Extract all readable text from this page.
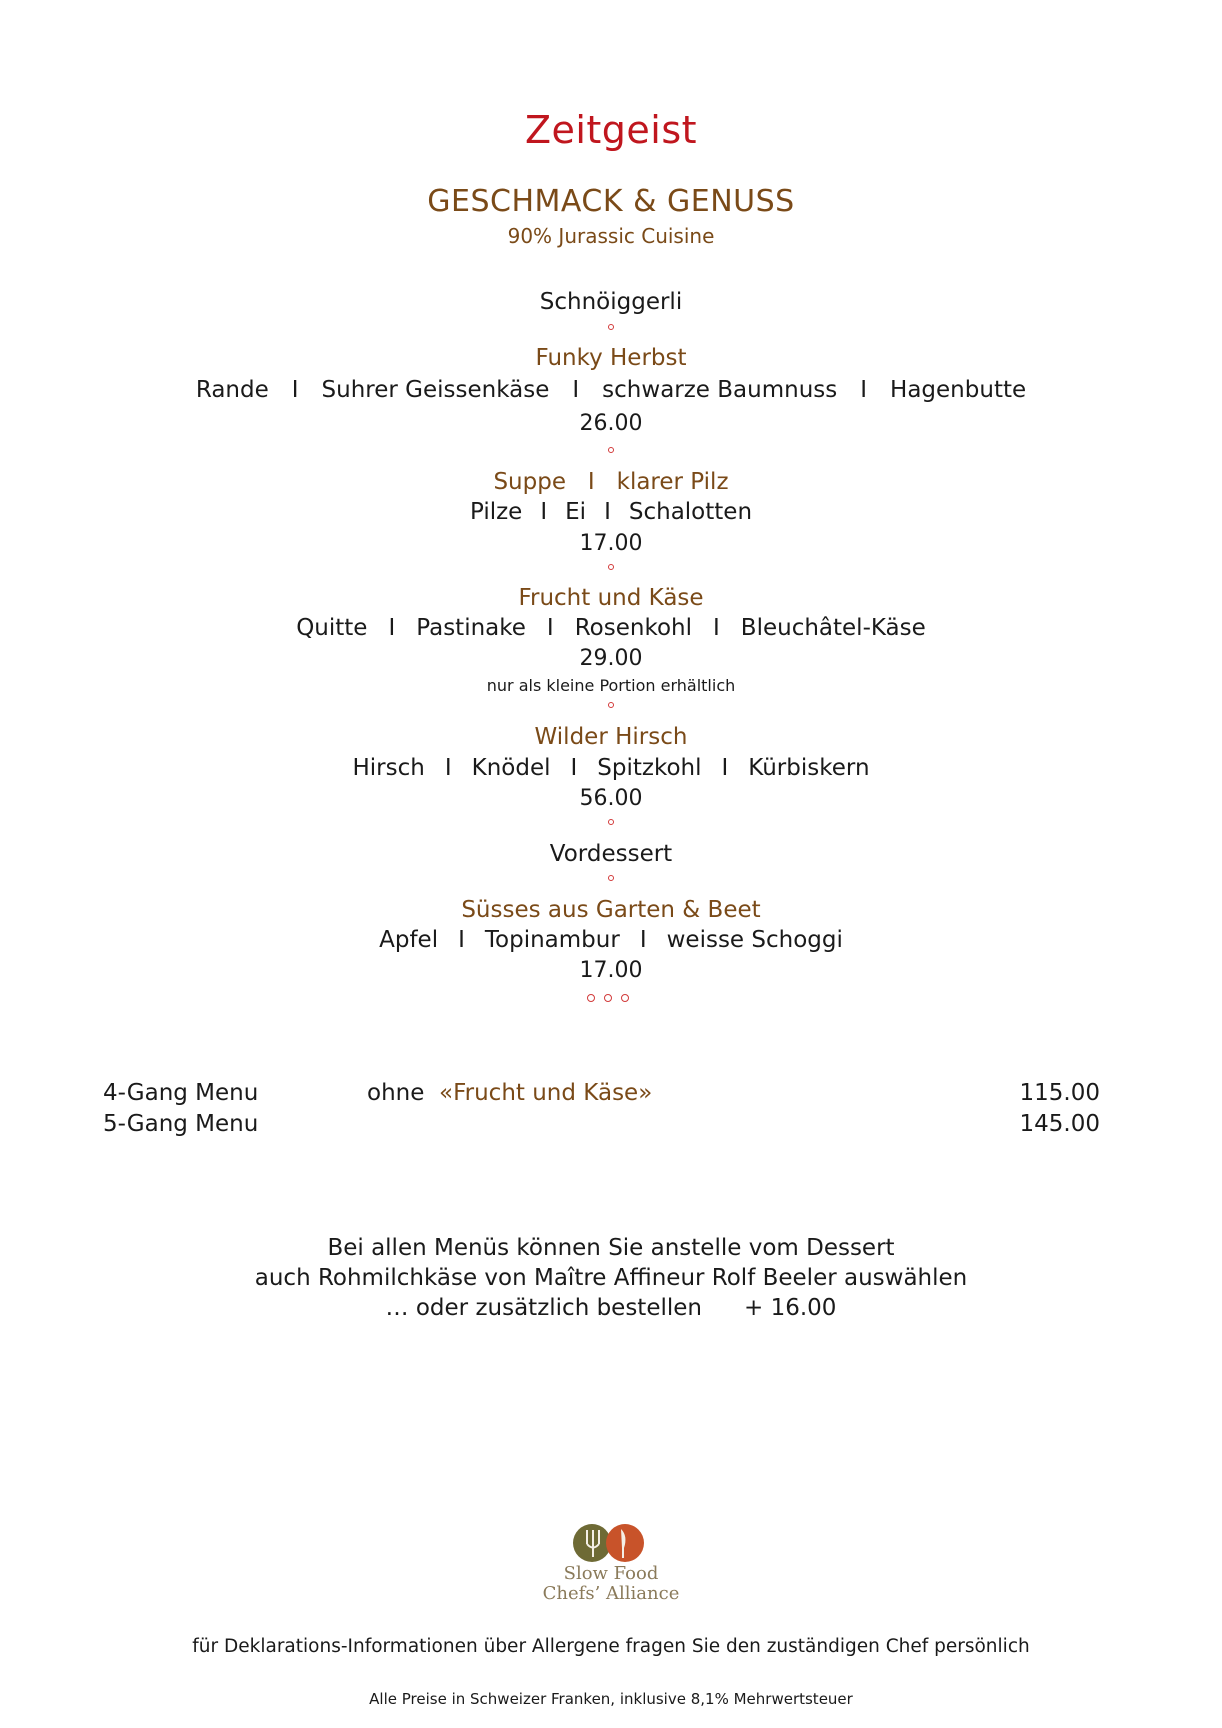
Zeitgeist
GESCHMACK & GENUSS
90% Jurassic Cuisine
Schnöiggerli
Funky Herbst
Rande I Suhrer Geissenkäse I schwarze Baumnuss I Hagenbutte
26.00
Suppe   I   klarer Pilz
Pilze I Ei I Schalotten
17.00
Frucht und Käse
Quitte I Pastinake I Rosenkohl I Bleuchâtel-Käse
29.00
nur als kleine Portion erhältlich
Wilder Hirsch
Hirsch I Knödel I Spitzkohl I Kürbiskern
56.00
Vordessert
Süsses aus Garten & Beet
Apfel I Topinambur I weisse Schoggi
17.00
4-Gang Menu	ohne «Frucht und Käse»	115.00
5-Gang Menu	145.00
Bei allen Menüs können Sie anstelle vom Dessert
auch Rohmilchkäse von Maître Affineur Rolf Beeler auswählen
… oder zusätzlich bestellen + 16.00
Slow Food
Chefs’ Alliance
für Deklarations-Informationen über Allergene fragen Sie den zuständigen Chef persönlich
Alle Preise in Schweizer Franken, inklusive 8,1% Mehrwertsteuer
